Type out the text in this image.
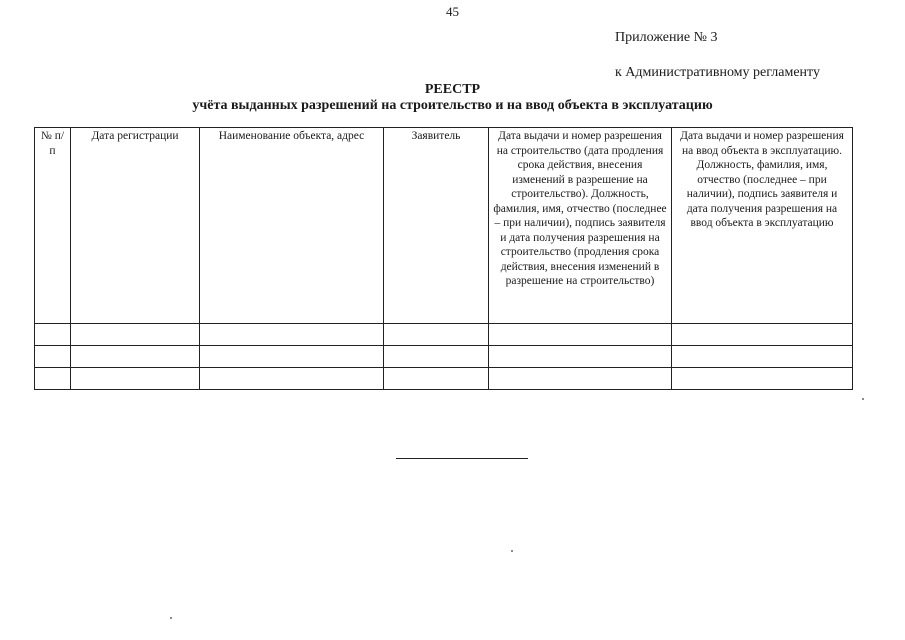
45
Приложение № 3
к Административному регламенту
РЕЕСТР
учёта выданных разрешений на строительство и на ввод объекта в эксплуатацию
№ п/п	Дата регистрации	Наименование объекта, адрес	Заявитель	Дата выдачи и номер разрешения на строительство (дата продления срока действия, внесения изменений в разрешение на строительство). Должность, фамилия, имя, отчество (последнее – при наличии), подпись заявителя и дата получения разрешения на строительство (продления срока действия, внесения изменений в разрешение на строительство)	Дата выдачи и номер разрешения на ввод объекта в эксплуатацию. Должность, фамилия, имя, отчество (последнее – при наличии), подпись заявителя и дата получения разрешения на ввод объекта в эксплуатацию
